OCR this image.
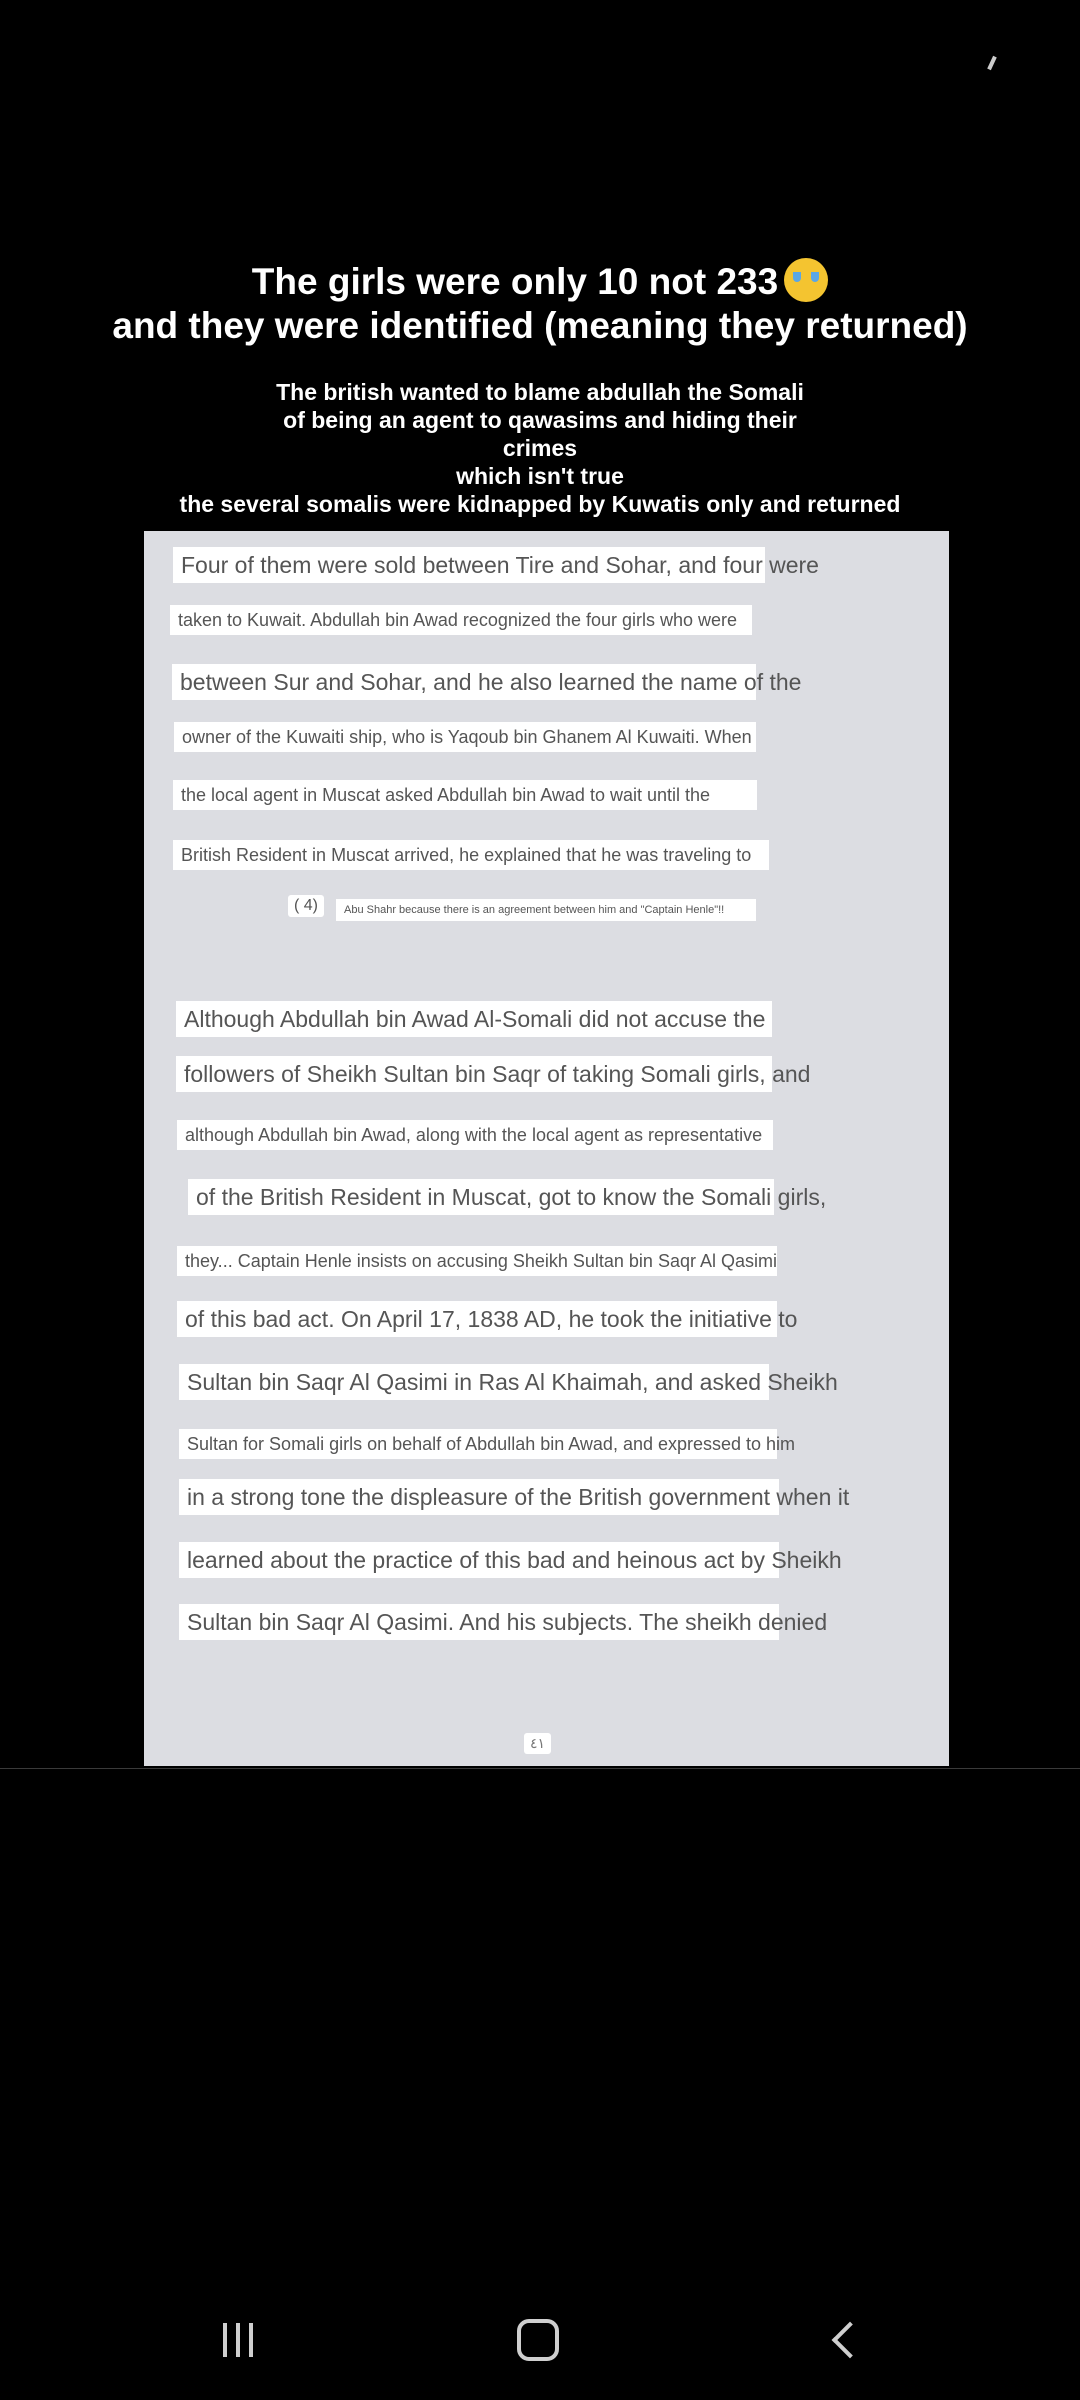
The girls were only 10 not 233
and they were identified (meaning they returned)
The british wanted to blame abdullah the Somali
of being an agent to qawasims and hiding their
crimes
which isn't true
the several somalis were kidnapped by Kuwatis only and returned
Four of them were sold between Tire and Sohar, and four were
taken to Kuwait. Abdullah bin Awad recognized the four girls who were
between Sur and Sohar, and he also learned the name of the
owner of the Kuwaiti ship, who is Yaqoub bin Ghanem Al Kuwaiti. When
the local agent in Muscat asked Abdullah bin Awad to wait until the
British Resident in Muscat arrived, he explained that he was traveling to
( 4)	Abu Shahr because there is an agreement between him and "Captain Henle"!!
Although Abdullah bin Awad Al-Somali did not accuse the
followers of Sheikh Sultan bin Saqr of taking Somali girls, and
although Abdullah bin Awad, along with the local agent as representative
of the British Resident in Muscat, got to know the Somali girls,
they... Captain Henle insists on accusing Sheikh Sultan bin Saqr Al Qasimi
of this bad act. On April 17, 1838 AD, he took the initiative to
Sultan bin Saqr Al Qasimi in Ras Al Khaimah, and asked Sheikh
Sultan for Somali girls on behalf of Abdullah bin Awad, and expressed to him
in a strong tone the displeasure of the British government when it
learned about the practice of this bad and heinous act by Sheikh
Sultan bin Saqr Al Qasimi. And his subjects. The sheikh denied
٤١
